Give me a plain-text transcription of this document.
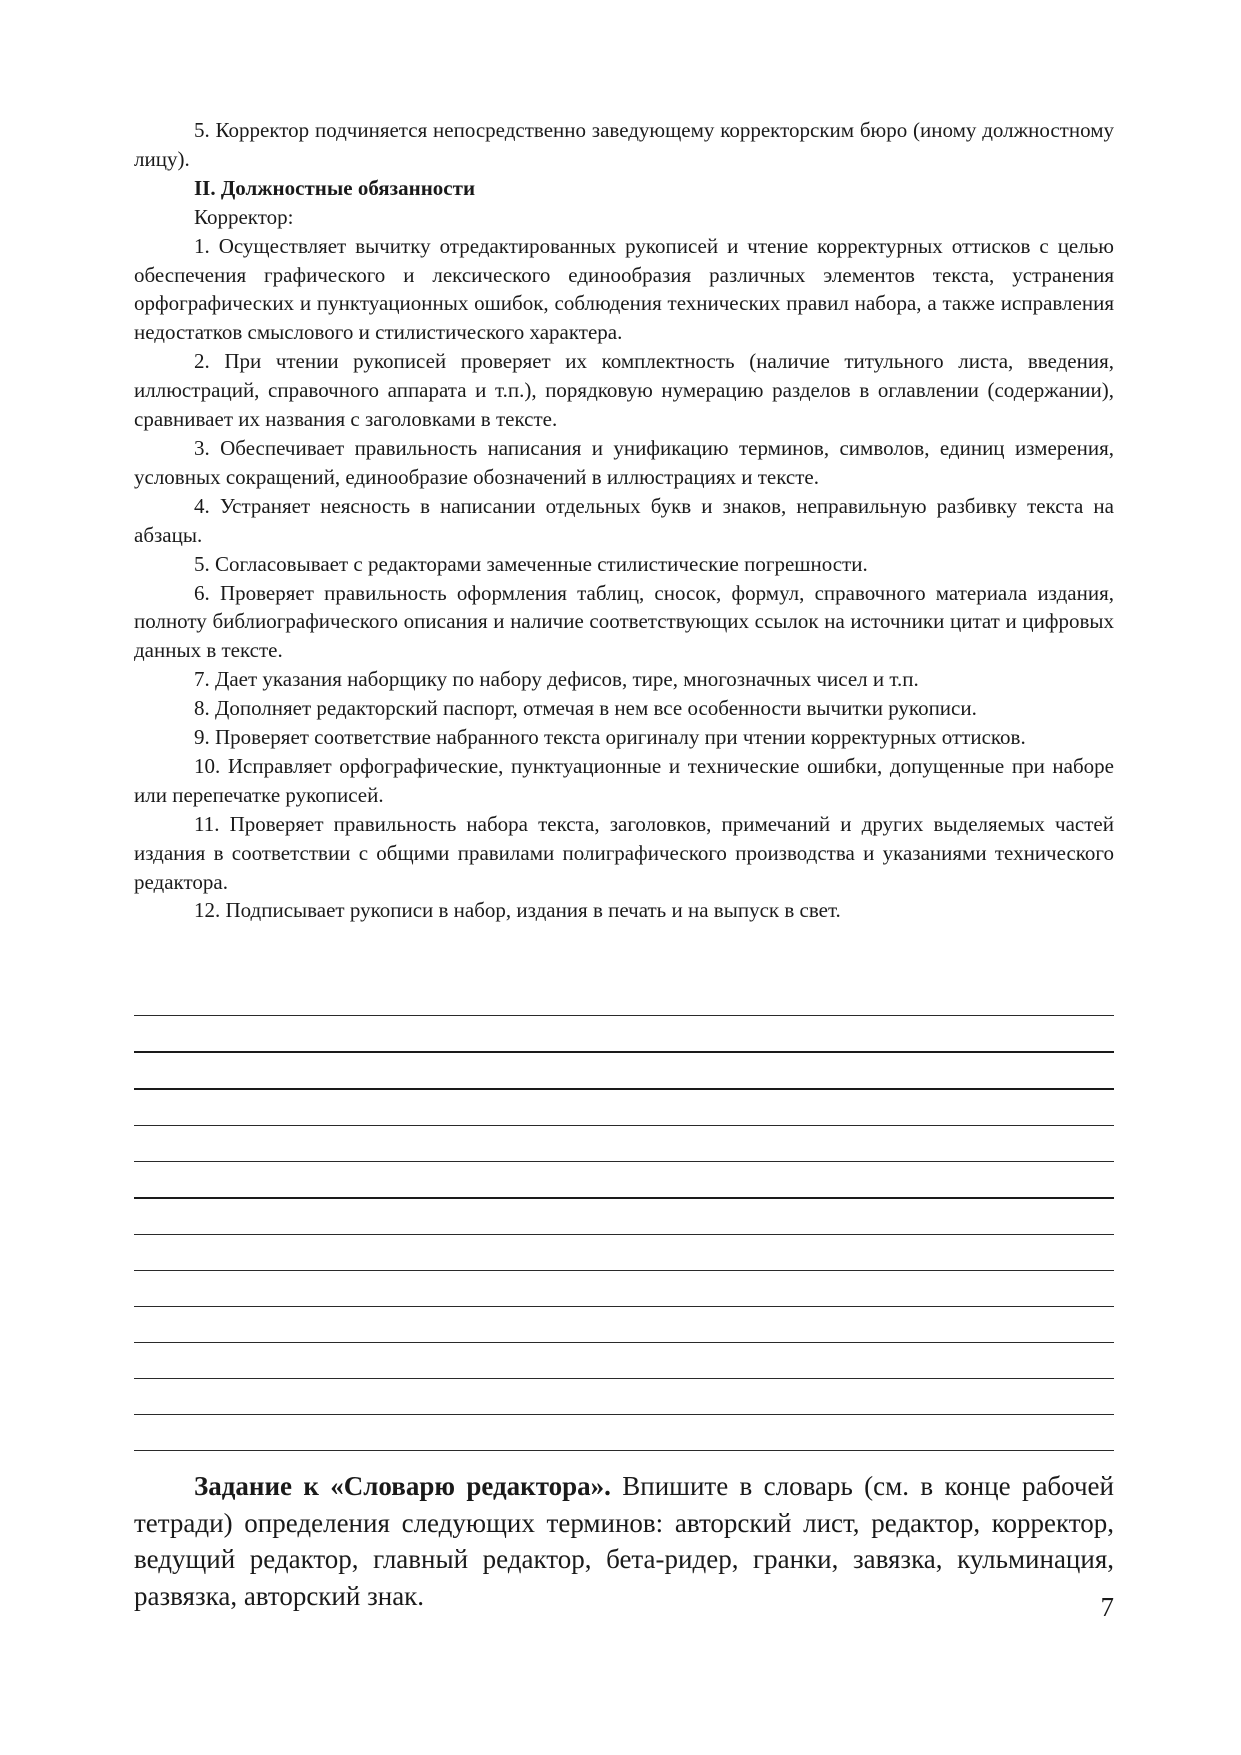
5. Корректор подчиняется непосредственно заведующему корректорским бюро (иному должностному лицу).

II. Должностные обязанности

Корректор:

1. Осуществляет вычитку отредактированных рукописей и чтение корректурных оттисков с целью обеспечения графического и лексического единообразия различных элементов текста, устранения орфографических и пунктуационных ошибок, соблюдения технических правил набора, а также исправления недостатков смыслового и стилистического характера.

2. При чтении рукописей проверяет их комплектность (наличие титульного листа, введения, иллюстраций, справочного аппарата и т.п.), порядковую нумерацию разделов в оглавлении (содержании), сравнивает их названия с заголовками в тексте.

3. Обеспечивает правильность написания и унификацию терминов, символов, единиц измерения, условных сокращений, единообразие обозначений в иллюстрациях и тексте.

4. Устраняет неясность в написании отдельных букв и знаков, неправильную разбивку текста на абзацы.

5. Согласовывает с редакторами замеченные стилистические погрешности.

6. Проверяет правильность оформления таблиц, сносок, формул, справочного материала издания, полноту библиографического описания и наличие соответствующих ссылок на источники цитат и цифровых данных в тексте.

7. Дает указания наборщику по набору дефисов, тире, многозначных чисел и т.п.

8. Дополняет редакторский паспорт, отмечая в нем все особенности вычитки рукописи.

9. Проверяет соответствие набранного текста оригиналу при чтении корректурных оттисков.

10. Исправляет орфографические, пунктуационные и технические ошибки, допущенные при наборе или перепечатке рукописей.

11. Проверяет правильность набора текста, заголовков, примечаний и других выделяемых частей издания в соответствии с общими правилами полиграфического производства и указаниями технического редактора.

12. Подписывает рукописи в набор, издания в печать и на выпуск в свет.

Задание к «Словарю редактора». Впишите в словарь (см. в конце рабочей тетради) определения следующих терминов: авторский лист, редактор, корректор, ведущий редактор, главный редактор, бета-ридер, гранки, завязка, кульминация, развязка, авторский знак.	7
